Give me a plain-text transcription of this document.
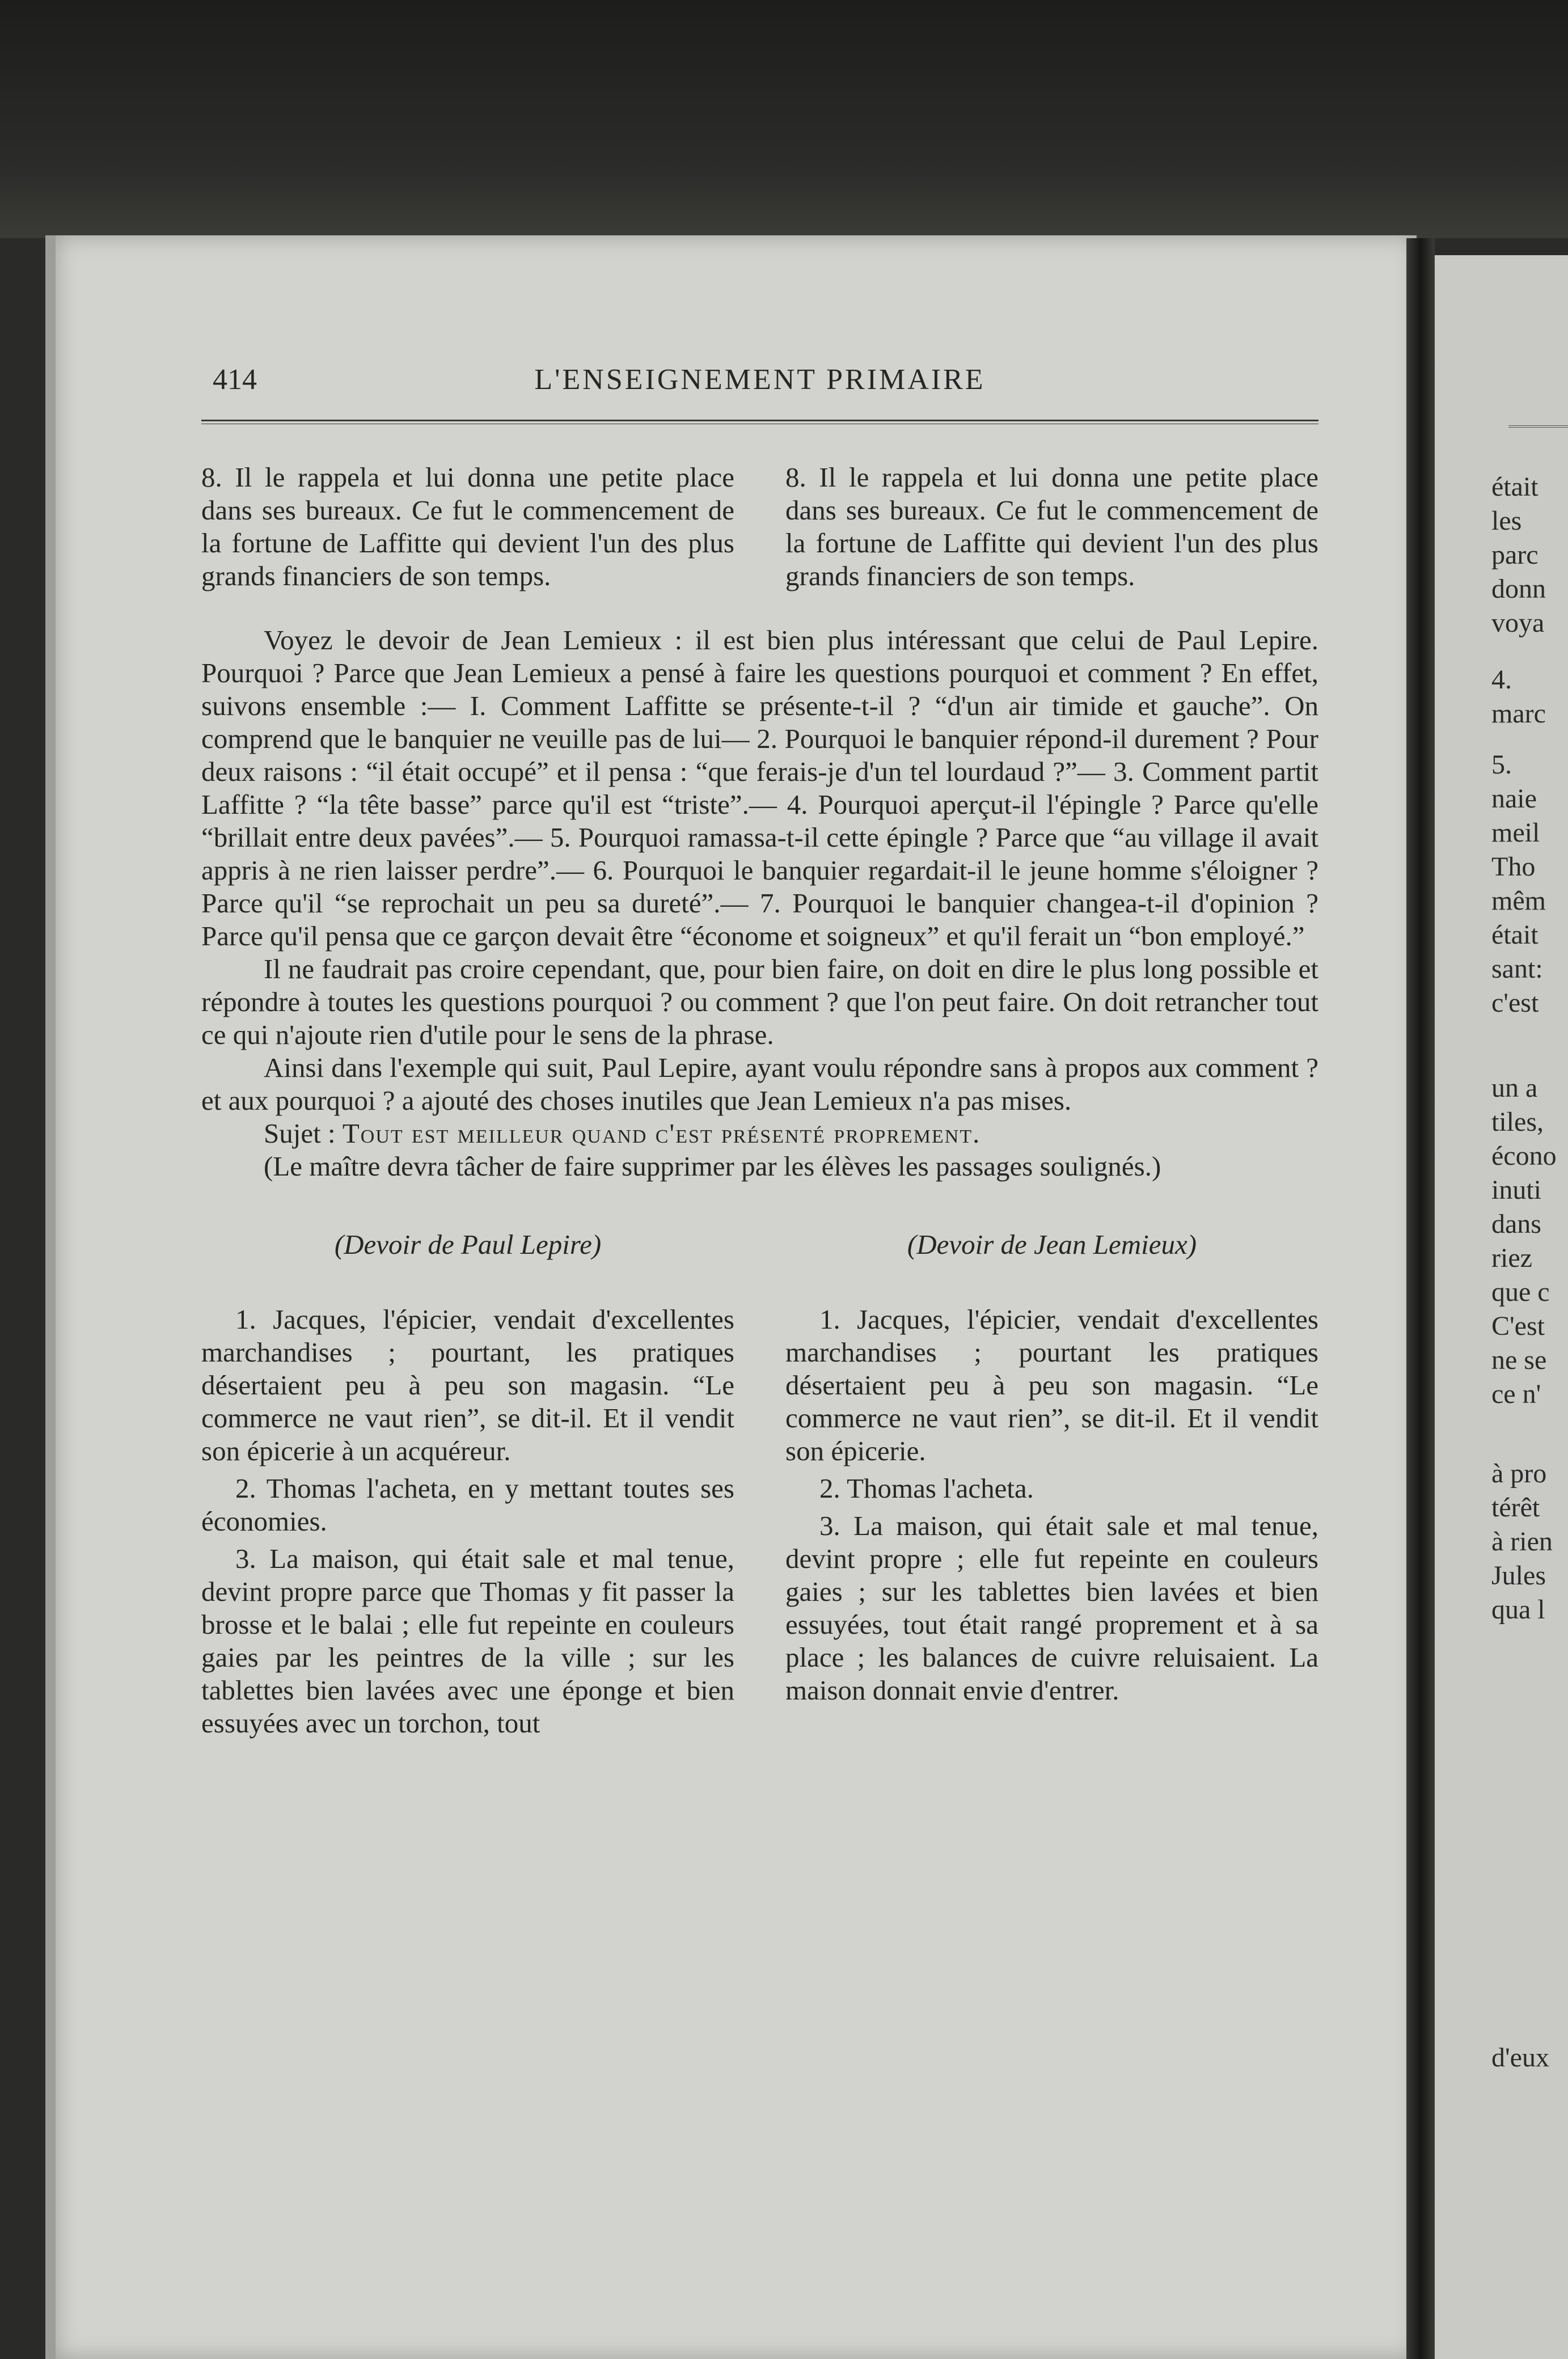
était
les
parc
donn
voya
4.
marc
5.
naie
meil
Tho
mêm
était
sant:
c'est
un a
tiles,
écono
inuti
dans
riez
que c
C'est
ne se
ce n'
à pro
térêt
à rien
Jules
qua l
d'eux
414	L'ENSEIGNEMENT PRIMAIRE

8. Il le rappela et lui donna une petite place dans ses bureaux. Ce fut le commencement de la fortune de Laffitte qui devient l'un des plus grands financiers de son temps.

8. Il le rappela et lui donna une petite place dans ses bureaux. Ce fut le commencement de la fortune de Laffitte qui devient l'un des plus grands financiers de son temps.

Voyez le devoir de Jean Lemieux : il est bien plus intéressant que celui de Paul Lepire. Pourquoi ? Parce que Jean Lemieux a pensé à faire les questions pourquoi et comment ? En effet, suivons ensemble :— I. Comment Laffitte se présente-t-il ? “d'un air timide et gauche”. On comprend que le banquier ne veuille pas de lui— 2. Pourquoi le banquier répond-il durement ? Pour deux raisons : “il était occupé” et il pensa : “que ferais-je d'un tel lourdaud ?”— 3. Comment partit Laffitte ? “la tête basse” parce qu'il est “triste”.— 4. Pourquoi aperçut-il l'épingle ? Parce qu'elle “brillait entre deux pavées”.— 5. Pourquoi ramassa-t-il cette épingle ? Parce que “au village il avait appris à ne rien laisser perdre”.— 6. Pourquoi le banquier regardait-il le jeune homme s'éloigner ? Parce qu'il “se reprochait un peu sa dureté”.— 7. Pourquoi le banquier changea-t-il d'opinion ? Parce qu'il pensa que ce garçon devait être “économe et soigneux” et qu'il ferait un “bon employé.”

Il ne faudrait pas croire cependant, que, pour bien faire, on doit en dire le plus long possible et répondre à toutes les questions pourquoi ? ou comment ? que l'on peut faire. On doit retrancher tout ce qui n'ajoute rien d'utile pour le sens de la phrase.

Ainsi dans l'exemple qui suit, Paul Lepire, ayant voulu répondre sans à propos aux comment ? et aux pourquoi ? a ajouté des choses inutiles que Jean Lemieux n'a pas mises.

Sujet : Tout est meilleur quand c'est présenté proprement.

(Le maître devra tâcher de faire supprimer par les élèves les passages soulignés.)

(Devoir de Paul Lepire)	(Devoir de Jean Lemieux)

1. Jacques, l'épicier, vendait d'excellentes marchandises ; pourtant, les pratiques désertaient peu à peu son magasin. “Le commerce ne vaut rien”, se dit-il. Et il vendit son épicerie à un acquéreur.

2. Thomas l'acheta, en y mettant toutes ses économies.

3. La maison, qui était sale et mal tenue, devint propre parce que Thomas y fit passer la brosse et le balai ; elle fut repeinte en couleurs gaies par les peintres de la ville ; sur les tablettes bien lavées avec une éponge et bien essuyées avec un torchon, tout

1. Jacques, l'épicier, vendait d'excellentes marchandises ; pourtant les pratiques désertaient peu à peu son magasin. “Le commerce ne vaut rien”, se dit-il. Et il vendit son épicerie.

2. Thomas l'acheta.

3. La maison, qui était sale et mal tenue, devint propre ; elle fut repeinte en couleurs gaies ; sur les tablettes bien lavées et bien essuyées, tout était rangé proprement et à sa place ; les balances de cuivre reluisaient. La maison donnait envie d'entrer.
